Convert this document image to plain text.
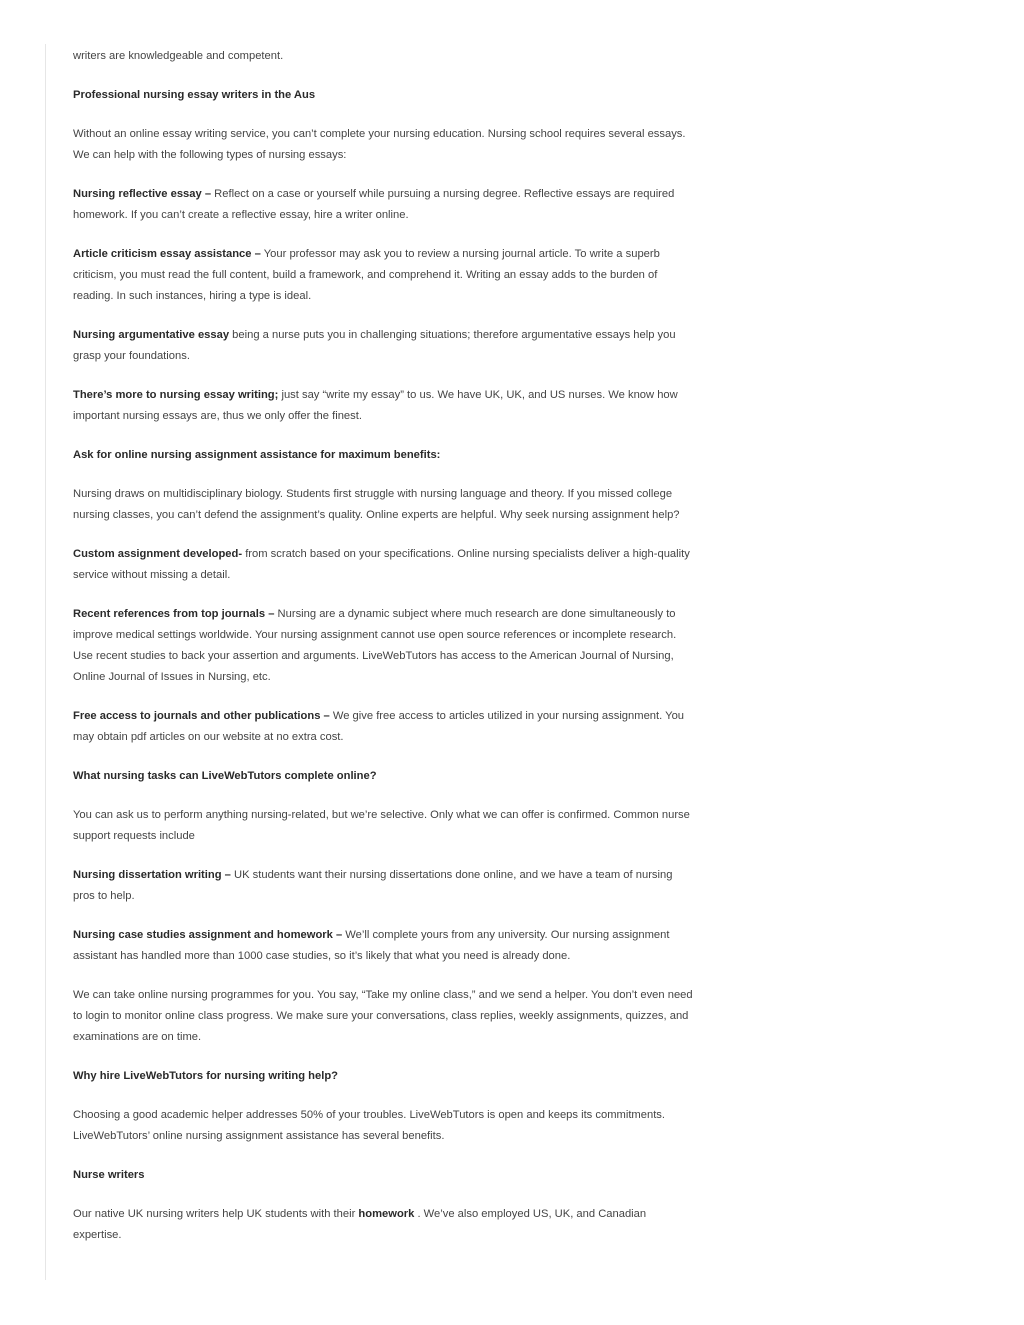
writers are knowledgeable and competent.

Professional nursing essay writers in the Aus

Without an online essay writing service, you can’t complete your nursing education. Nursing school requires several essays. We can help with the following types of nursing essays:

Nursing reflective essay – Reflect on a case or yourself while pursuing a nursing degree. Reflective essays are required homework. If you can’t create a reflective essay, hire a writer online.

Article criticism essay assistance – Your professor may ask you to review a nursing journal article. To write a superb criticism, you must read the full content, build a framework, and comprehend it. Writing an essay adds to the burden of reading. In such instances, hiring a type is ideal.

Nursing argumentative essay being a nurse puts you in challenging situations; therefore argumentative essays help you grasp your foundations.

There’s more to nursing essay writing; just say “write my essay” to us. We have UK, UK, and US nurses. We know how important nursing essays are, thus we only offer the finest.

Ask for online nursing assignment assistance for maximum benefits:

Nursing draws on multidisciplinary biology. Students first struggle with nursing language and theory. If you missed college nursing classes, you can’t defend the assignment’s quality. Online experts are helpful. Why seek nursing assignment help?

Custom assignment developed- from scratch based on your specifications. Online nursing specialists deliver a high-quality service without missing a detail.

Recent references from top journals – Nursing are a dynamic subject where much research are done simultaneously to improve medical settings worldwide. Your nursing assignment cannot use open source references or incomplete research. Use recent studies to back your assertion and arguments. LiveWebTutors has access to the American Journal of Nursing, Online Journal of Issues in Nursing, etc.

Free access to journals and other publications – We give free access to articles utilized in your nursing assignment. You may obtain pdf articles on our website at no extra cost.

What nursing tasks can LiveWebTutors complete online?

You can ask us to perform anything nursing-related, but we’re selective. Only what we can offer is confirmed. Common nurse support requests include

Nursing dissertation writing – UK students want their nursing dissertations done online, and we have a team of nursing pros to help.

Nursing case studies assignment and homework – We’ll complete yours from any university. Our nursing assignment assistant has handled more than 1000 case studies, so it’s likely that what you need is already done.

We can take online nursing programmes for you. You say, “Take my online class,” and we send a helper. You don’t even need to login to monitor online class progress. We make sure your conversations, class replies, weekly assignments, quizzes, and examinations are on time.

Why hire LiveWebTutors for nursing writing help?

Choosing a good academic helper addresses 50% of your troubles. LiveWebTutors is open and keeps its commitments. LiveWebTutors’ online nursing assignment assistance has several benefits.

Nurse writers

Our native UK nursing writers help UK students with their homework . We’ve also employed US, UK, and Canadian expertise.
